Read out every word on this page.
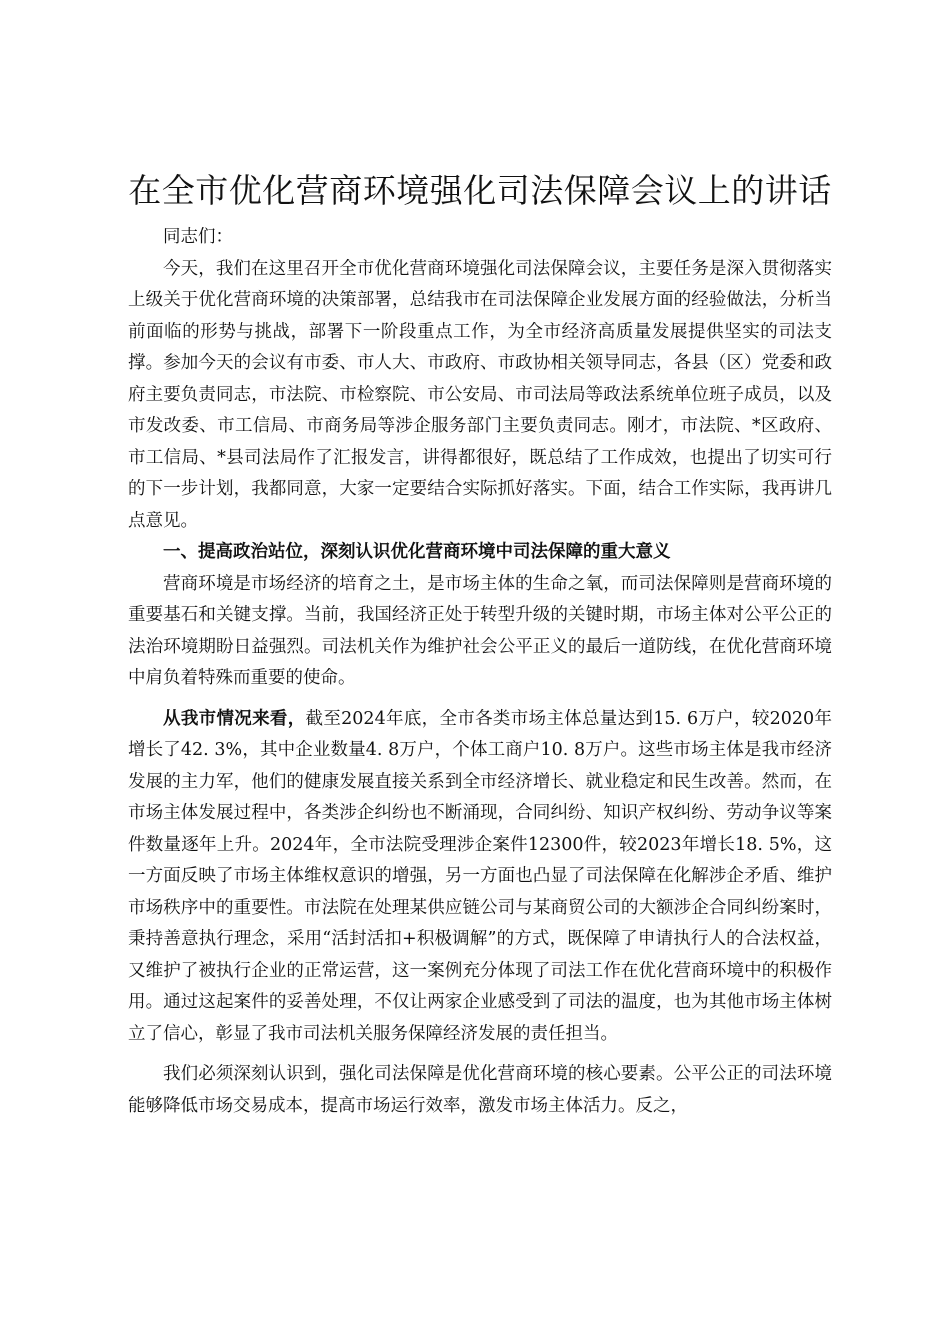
在全市优化营商环境强化司法保障会议上的讲话

同志们：

今天，我们在这里召开全市优化营商环境强化司法保障会议，主要任务是深入贯彻落实上级关于优化营商环境的决策部署，总结我市在司法保障企业发展方面的经验做法，分析当前面临的形势与挑战，部署下一阶段重点工作，为全市经济高质量发展提供坚实的司法支撑。参加今天的会议有市委、市人大、市政府、市政协相关领导同志，各县（区）党委和政府主要负责同志，市法院、市检察院、市公安局、市司法局等政法系统单位班子成员，以及市发改委、市工信局、市商务局等涉企服务部门主要负责同志。刚才，市法院、*区政府、市工信局、*县司法局作了汇报发言，讲得都很好，既总结了工作成效，也提出了切实可行的下一步计划，我都同意，大家一定要结合实际抓好落实。下面，结合工作实际，我再讲几点意见。

一、提高政治站位，深刻认识优化营商环境中司法保障的重大意义

营商环境是市场经济的培育之土，是市场主体的生命之氧，而司法保障则是营商环境的重要基石和关键支撑。当前，我国经济正处于转型升级的关键时期，市场主体对公平公正的法治环境期盼日益强烈。司法机关作为维护社会公平正义的最后一道防线，在优化营商环境中肩负着特殊而重要的使命。

从我市情况来看，截至2024年底，全市各类市场主体总量达到15. 6万户，较2020年增长了42. 3%，其中企业数量4. 8万户，个体工商户10. 8万户。这些市场主体是我市经济发展的主力军，他们的健康发展直接关系到全市经济增长、就业稳定和民生改善。然而，在市场主体发展过程中，各类涉企纠纷也不断涌现，合同纠纷、知识产权纠纷、劳动争议等案件数量逐年上升。2024年，全市法院受理涉企案件12300件，较2023年增长18. 5%，这一方面反映了市场主体维权意识的增强，另一方面也凸显了司法保障在化解涉企矛盾、维护市场秩序中的重要性。市法院在处理某供应链公司与某商贸公司的大额涉企合同纠纷案时，秉持善意执行理念，采用“活封活扣+积极调解”的方式，既保障了申请执行人的合法权益，又维护了被执行企业的正常运营，这一案例充分体现了司法工作在优化营商环境中的积极作用。通过这起案件的妥善处理，不仅让两家企业感受到了司法的温度，也为其他市场主体树立了信心，彰显了我市司法机关服务保障经济发展的责任担当。

我们必须深刻认识到，强化司法保障是优化营商环境的核心要素。公平公正的司法环境能够降低市场交易成本，提高市场运行效率，激发市场主体活力。反之，
